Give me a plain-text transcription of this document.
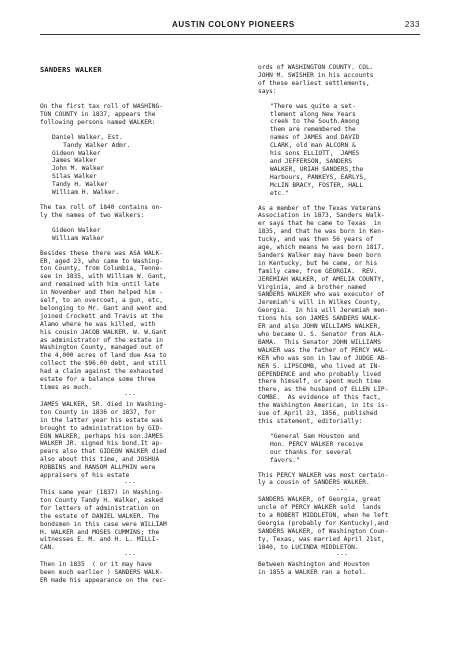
AUSTIN COLONY PIONEERS	233
SANDERS WALKER

On the first tax roll of WASHING-

TON COUNTY in 1837, appears the

following persons named WALKER:

Daniel Walker, Est.

Tandy Walker Admr.

Gideon Walker

James Walker

John M. Walker

Silas Walker

Tandy H. Walker

William H. Walker.

The tax roll of 1840 contains on-

ly the names of two Walkers:

Gideon Walker

William Walker

Besides these there was ASA WALK-

ER, aged 23, who came to Washing-

ton County, from Columbia, Tenne-

see in 1835, with William W. Gant,

and remained with him until late

in November and then helped him -

self, to an overcoat, a gun, etc,

belonging to Mr. Gant and went and

joined Crockett and Travis at the

Alamo where he was killed, with

his cousin JACOB WALKER. W. W.Gant

as administrator of the estate in

Washington County, managed out of

the 4,000 acres of land due Asa to

collect the $96.00 debt, and still

had a claim against the exhausted

estate for a balance some three

times as much.

---

JAMES WALKER, SR. died in Washing-

ton County in 1836 or 1837, for

in the latter year his estate was

brought to administration by GID-

EON WALKER, perhaps his son.JAMES

WALKER JR. signed his bond.It ap-

pears also that GIDEON WALKER died

also about this time, and JOSHUA

ROBBINS and RANSOM ALLPHIN were

appraisers of his estate

---

This same year (1837) in Washing-

ton County Tandy H. Walker, asked

for letters of administration on

the estate of DANIEL WALKER. The

bondsmen in this case were WILLIAM

H. WALKER and MOSES CUMMINS; the

witnesses E. M. and H. L. MILLI-

CAN.

---

Then in 1835  ( or it may have

been much earlier ) SANDERS WALK-

ER made his appearance on the rec-

ords of WASHINGTON COUNTY. COL.

JOHN M. SWISHER in his accounts

of these earliest settlements,

says:

"There was quite a set-

tlement along New Years

creek to the South.Among

them are remembered the

names of JAMES and DAVID

CLARK, old man ALCORN &

his sons ELLIOTT,  JAMES

and JEFFERSON, SANDERS

WALKER, URIAH SANDERS,the

Harbours, PANKEYS, EARLYS,

McLIN BRACY, FOSTER, HALL

etc."

As a member of the Texas Veterans

Association in 1873, Sanders Walk-

er says that he came to Texas  in

1835, and that he was born in Ken-

tucky, and was then 56 years of

age, which means he was born 1817.

Sanders Walker may have been born

in Kentucky, but he came, or his

family came, from GEORGIA.  REV.

JEREMIAH WALKER, of AMELIA COUNTY,

Virginia, and a brother named

SANDERS WALKER who was executor of

Jeremiah's will in Wilkes County,

Georgia.  In his will Jeremiah men-

tions his son JAMES SANDERS WALK-

ER and also JOHN WILLIAMS WALKER,

who became U. S. Senator from ALA-

BAMA.  This Senator JOHN WILLIAMS

WALKER was the father of PERCY WAL-

KER who was son in law of JUDGE AB-

NER S. LIPSCOMB, who lived at IN-

DEPENDENCE and who probably lived

there himself, or spent much time

there, as the husband of ELLEN LIP-

COMBE.  As evidence of this fact,

the Washington American, in its is-

sue of April 23, 1856, published

this statement, editorially:

"General Sam Houston and

Hon. PERCY WALKER receive

our thanks for several

favors."

This PERCY WALKER was most certain-

ly a cousin of SANDERS WALKER.

---

SANDERS WALKER, of Georgia, great

uncle of PERCY WALKER sold  lands

to a ROBERT MIDDLETON, when he left

Georgia (probably for Kentucky),and

SANDERS WALKER, of Washington Coun-

ty, Texas, was married April 21st,

1840, to LUCINDA MIDDLETON.

---

Between Washington and Houston

in 1855 a WALKER ran a hotel.
